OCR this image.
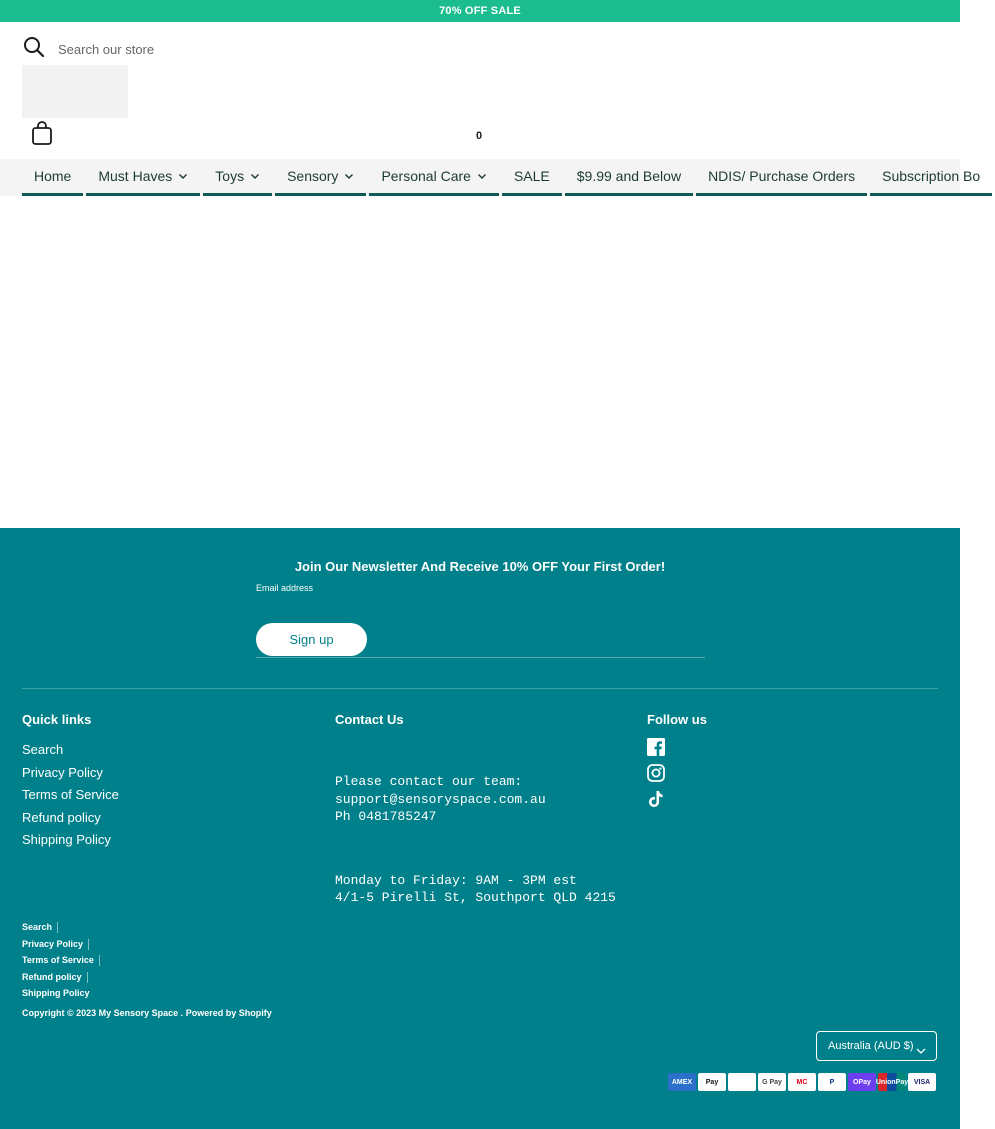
70% OFF SALE
Search our store
0
Home Must Haves	Toys	Sensory	Personal Care	SALE $9.99 and Below NDIS/ Purchase Orders Subscription Bo
Join Our Newsletter And Receive 10% OFF Your First Order!
Email address
Sign up
Quick links
Search
Privacy Policy
Terms of Service
Refund policy
Shipping Policy
Contact Us

Please contact our team:
support@sensoryspace.com.au
Ph 0481785247

Monday to Friday: 9AM - 3PM est
4/1-5 Pirelli St, Southport QLD 4215

Follow us
Search
Privacy Policy
Terms of Service
Refund policy
Shipping Policy
Copyright © 2023 My Sensory Space . Powered by Shopify
Australia (AUD $)
AMEX	Pay	G Pay	MC	P	OPay UnionPay VISA
